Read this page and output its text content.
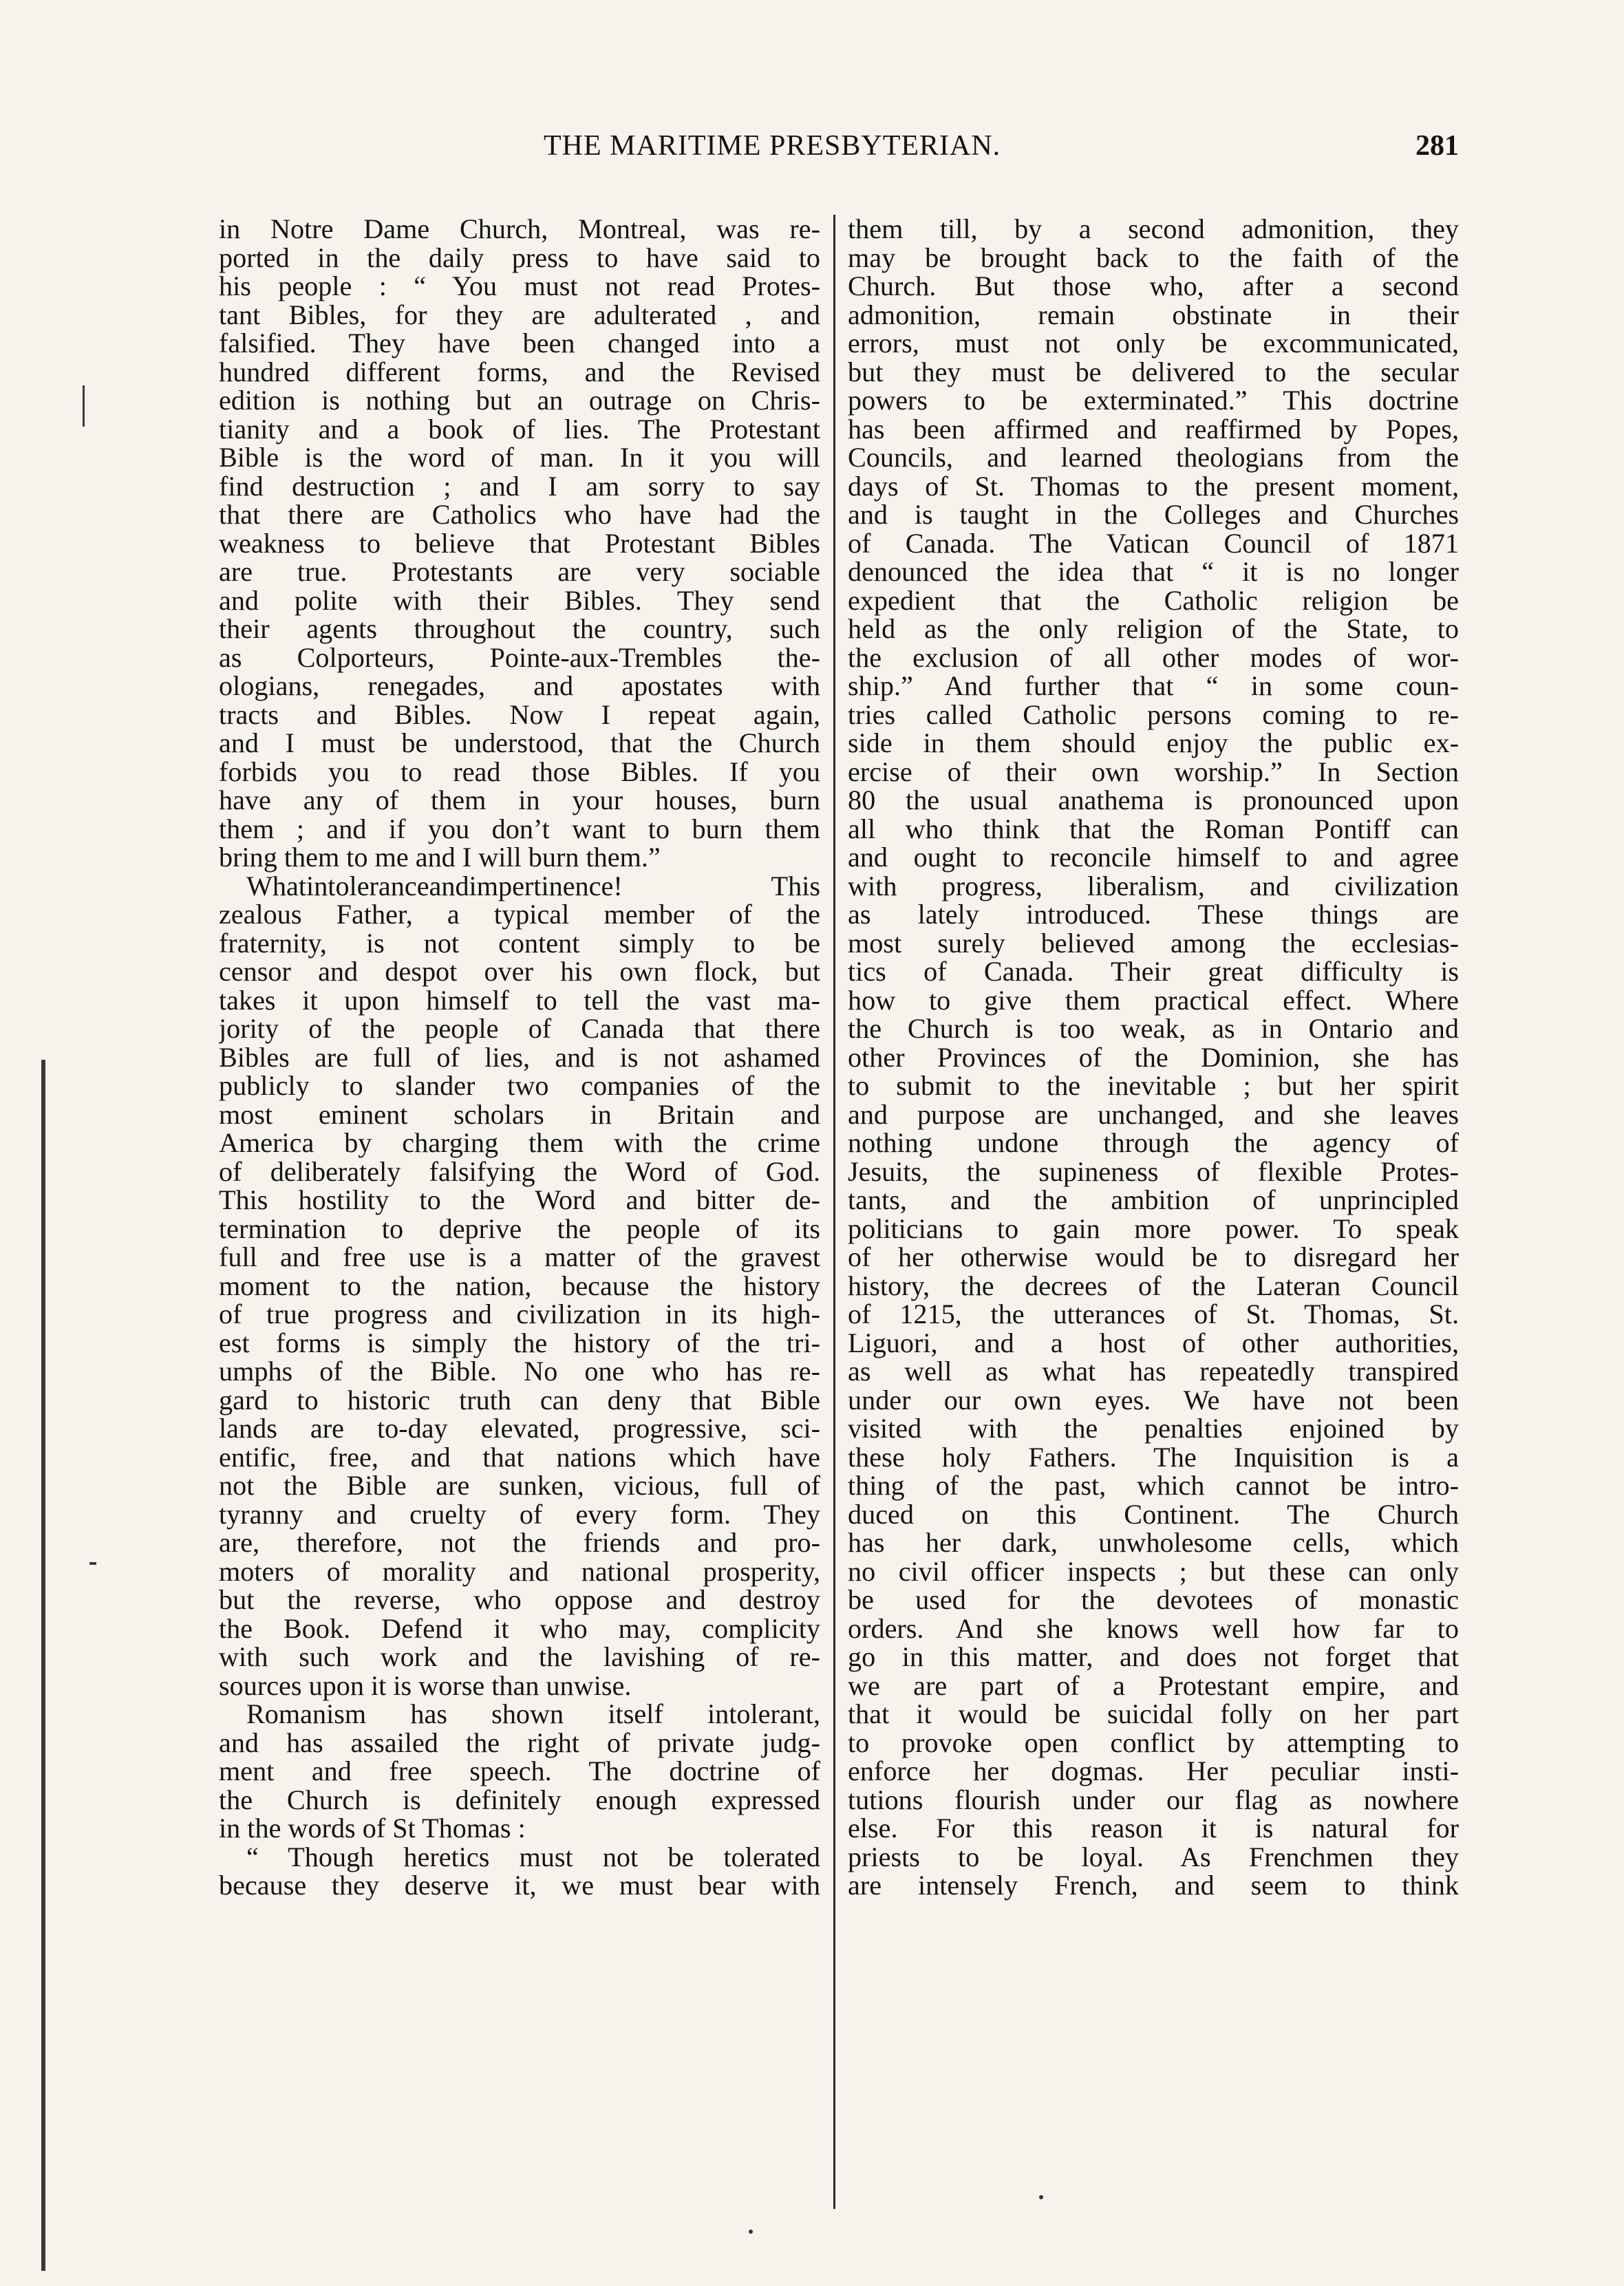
THE MARITIME PRESBYTERIAN.	281
in Notre Dame Church, Montreal, was re-
ported in the daily press to have said to
his people : “ You must not read Protes-
tant Bibles, for they are adulterated , and
falsified. They have been changed into a
hundred different forms, and the Revised
edition is nothing but an outrage on Chris-
tianity and a book of lies. The Protestant
Bible is the word of man. In it you will
find destruction ; and I am sorry to say
that there are Catholics who have had the
weakness to believe that Protestant Bibles
are true. Protestants are very sociable
and polite with their Bibles. They send
their agents throughout the country, such
as Colporteurs, Pointe-aux-Trembles the-
ologians, renegades, and apostates with
tracts and Bibles. Now I repeat again,
and I must be understood, that the Church
forbids you to read those Bibles. If you
have any of them in your houses, burn
them ; and if you don’t want to burn them
bring them to me and I will burn them.”
Whatintoleranceandimpertinence! This
zealous Father, a typical member of the
fraternity, is not content simply to be
censor and despot over his own flock, but
takes it upon himself to tell the vast ma-
jority of the people of Canada that there
Bibles are full of lies, and is not ashamed
publicly to slander two companies of the
most eminent scholars in Britain and
America by charging them with the crime
of deliberately falsifying the Word of God.
This hostility to the Word and bitter de-
termination to deprive the people of its
full and free use is a matter of the gravest
moment to the nation, because the history
of true progress and civilization in its high-
est forms is simply the history of the tri-
umphs of the Bible. No one who has re-
gard to historic truth can deny that Bible
lands are to-day elevated, progressive, sci-
entific, free, and that nations which have
not the Bible are sunken, vicious, full of
tyranny and cruelty of every form. They
are, therefore, not the friends and pro-
moters of morality and national prosperity,
but the reverse, who oppose and destroy
the Book. Defend it who may, complicity
with such work and the lavishing of re-
sources upon it is worse than unwise.
Romanism has shown itself intolerant,
and has assailed the right of private judg-
ment and free speech. The doctrine of
the Church is definitely enough expressed
in the words of St Thomas :
“ Though heretics must not be tolerated
because they deserve it, we must bear with
them till, by a second admonition, they
may be brought back to the faith of the
Church. But those who, after a second
admonition, remain obstinate in their
errors, must not only be excommunicated,
but they must be delivered to the secular
powers to be exterminated.” This doctrine
has been affirmed and reaffirmed by Popes,
Councils, and learned theologians from the
days of St. Thomas to the present moment,
and is taught in the Colleges and Churches
of Canada. The Vatican Council of 1871
denounced the idea that “ it is no longer
expedient that the Catholic religion be
held as the only religion of the State, to
the exclusion of all other modes of wor-
ship.” And further that “ in some coun-
tries called Catholic persons coming to re-
side in them should enjoy the public ex-
ercise of their own worship.” In Section
80 the usual anathema is pronounced upon
all who think that the Roman Pontiff can
and ought to reconcile himself to and agree
with progress, liberalism, and civilization
as lately introduced. These things are
most surely believed among the ecclesias-
tics of Canada. Their great difficulty is
how to give them practical effect. Where
the Church is too weak, as in Ontario and
other Provinces of the Dominion, she has
to submit to the inevitable ; but her spirit
and purpose are unchanged, and she leaves
nothing undone through the agency of
Jesuits, the supineness of flexible Protes-
tants, and the ambition of unprincipled
politicians to gain more power. To speak
of her otherwise would be to disregard her
history, the decrees of the Lateran Council
of 1215, the utterances of St. Thomas, St.
Liguori, and a host of other authorities,
as well as what has repeatedly transpired
under our own eyes. We have not been
visited with the penalties enjoined by
these holy Fathers. The Inquisition is a
thing of the past, which cannot be intro-
duced on this Continent. The Church
has her dark, unwholesome cells, which
no civil officer inspects ; but these can only
be used for the devotees of monastic
orders. And she knows well how far to
go in this matter, and does not forget that
we are part of a Protestant empire, and
that it would be suicidal folly on her part
to provoke open conflict by attempting to
enforce her dogmas. Her peculiar insti-
tutions flourish under our flag as nowhere
else. For this reason it is natural for
priests to be loyal. As Frenchmen they
are intensely French, and seem to think
